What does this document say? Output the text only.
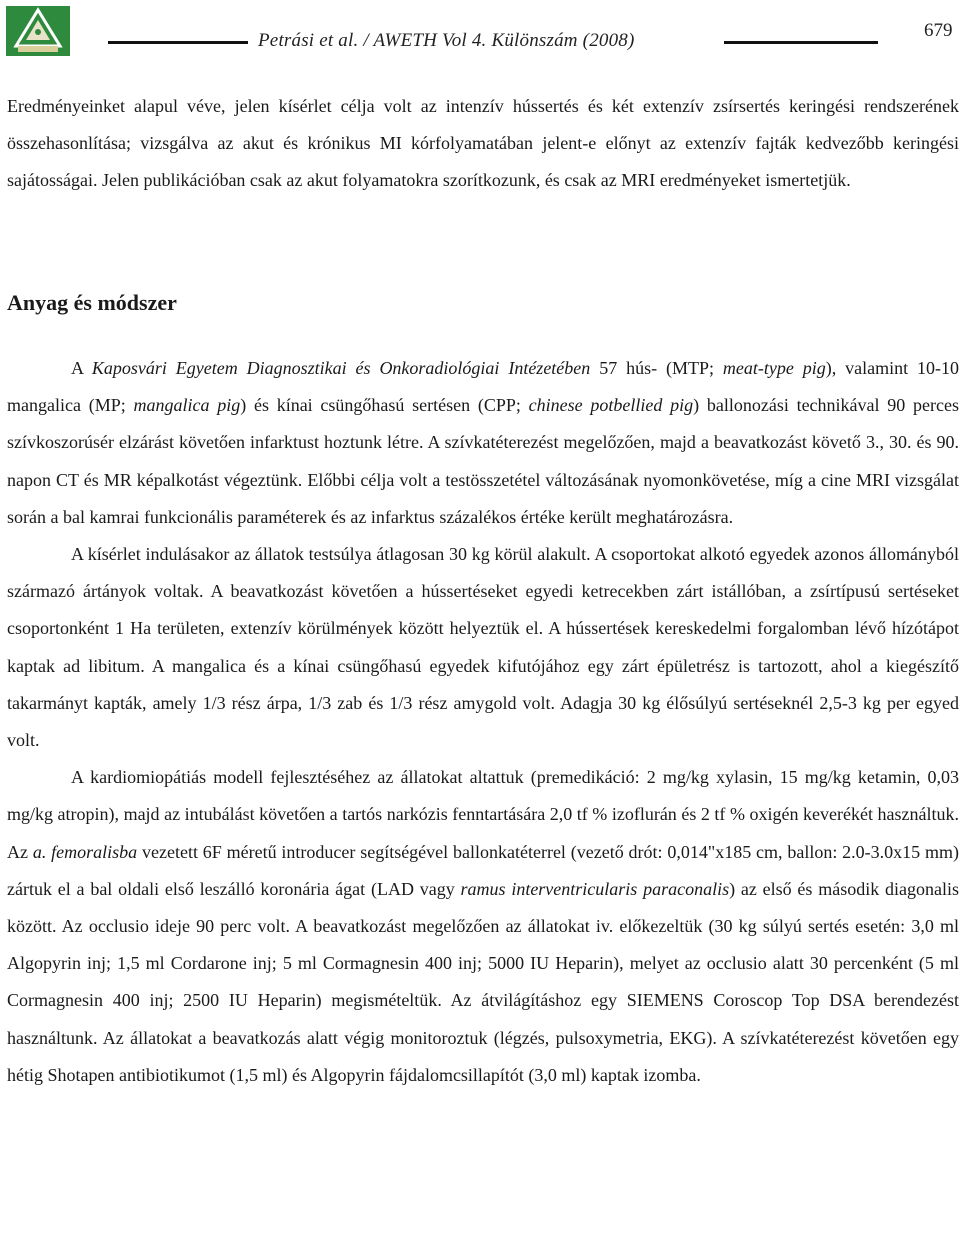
Petrási et al. / AWETH Vol 4. Különszám (2008)	679

Eredményeinket alapul véve, jelen kísérlet célja volt az intenzív hússertés és két extenzív zsírsertés keringési rendszerének összehasonlítása; vizsgálva az akut és krónikus MI kórfolyamatában jelent-e előnyt az extenzív fajták kedvezőbb keringési sajátosságai. Jelen publikációban csak az akut folyamatokra szorítkozunk, és csak az MRI eredményeket ismertetjük.

Anyag és módszer

A Kaposvári Egyetem Diagnosztikai és Onkoradiológiai Intézetében 57 hús- (MTP; meat-type pig), valamint 10-10 mangalica (MP; mangalica pig) és kínai csüngőhasú sertésen (CPP; chinese potbellied pig) ballonozási technikával 90 perces szívkoszorúsér elzárást követően infarktust hoztunk létre. A szívkatéterezést megelőzően, majd a beavatkozást követő 3., 30. és 90. napon CT és MR képalkotást végeztünk. Előbbi célja volt a testösszetétel változásának nyomonkövetése, míg a cine MRI vizsgálat során a bal kamrai funkcionális paraméterek és az infarktus százalékos értéke került meghatározásra.

A kísérlet indulásakor az állatok testsúlya átlagosan 30 kg körül alakult. A csoportokat alkotó egyedek azonos állományból származó ártányok voltak. A beavatkozást követően a hússertéseket egyedi ketrecekben zárt istállóban, a zsírtípusú sertéseket csoportonként 1 Ha területen, extenzív körülmények között helyeztük el. A hússertések kereskedelmi forgalomban lévő hízótápot kaptak ad libitum. A mangalica és a kínai csüngőhasú egyedek kifutójához egy zárt épületrész is tartozott, ahol a kiegészítő takarmányt kapták, amely 1/3 rész árpa, 1/3 zab és 1/3 rész amygold volt. Adagja 30 kg élősúlyú sertéseknél 2,5-3 kg per egyed volt.

A kardiomiopátiás modell fejlesztéséhez az állatokat altattuk (premedikáció: 2 mg/kg xylasin, 15 mg/kg ketamin, 0,03 mg/kg atropin), majd az intubálást követően a tartós narkózis fenntartására 2,0 tf % izoflurán és 2 tf % oxigén keverékét használtuk. Az a. femoralisba vezetett 6F méretű introducer segítségével ballonkatéterrel (vezető drót: 0,014"x185 cm, ballon: 2.0-3.0x15 mm) zártuk el a bal oldali első leszálló koronária ágat (LAD vagy ramus interventricularis paraconalis) az első és második diagonalis között. Az occlusio ideje 90 perc volt. A beavatkozást megelőzően az állatokat iv. előkezeltük (30 kg súlyú sertés esetén: 3,0 ml Algopyrin inj; 1,5 ml Cordarone inj; 5 ml Cormagnesin 400 inj; 5000 IU Heparin), melyet az occlusio alatt 30 percenként (5 ml Cormagnesin 400 inj; 2500 IU Heparin) megismételtük. Az átvilágításhoz egy SIEMENS Coroscop Top DSA berendezést használtunk. Az állatokat a beavatkozás alatt végig monitoroztuk (légzés, pulsoxymetria, EKG). A szívkatéterezést követően egy hétig Shotapen antibiotikumot (1,5 ml) és Algopyrin fájdalomcsillapítót (3,0 ml) kaptak izomba.
